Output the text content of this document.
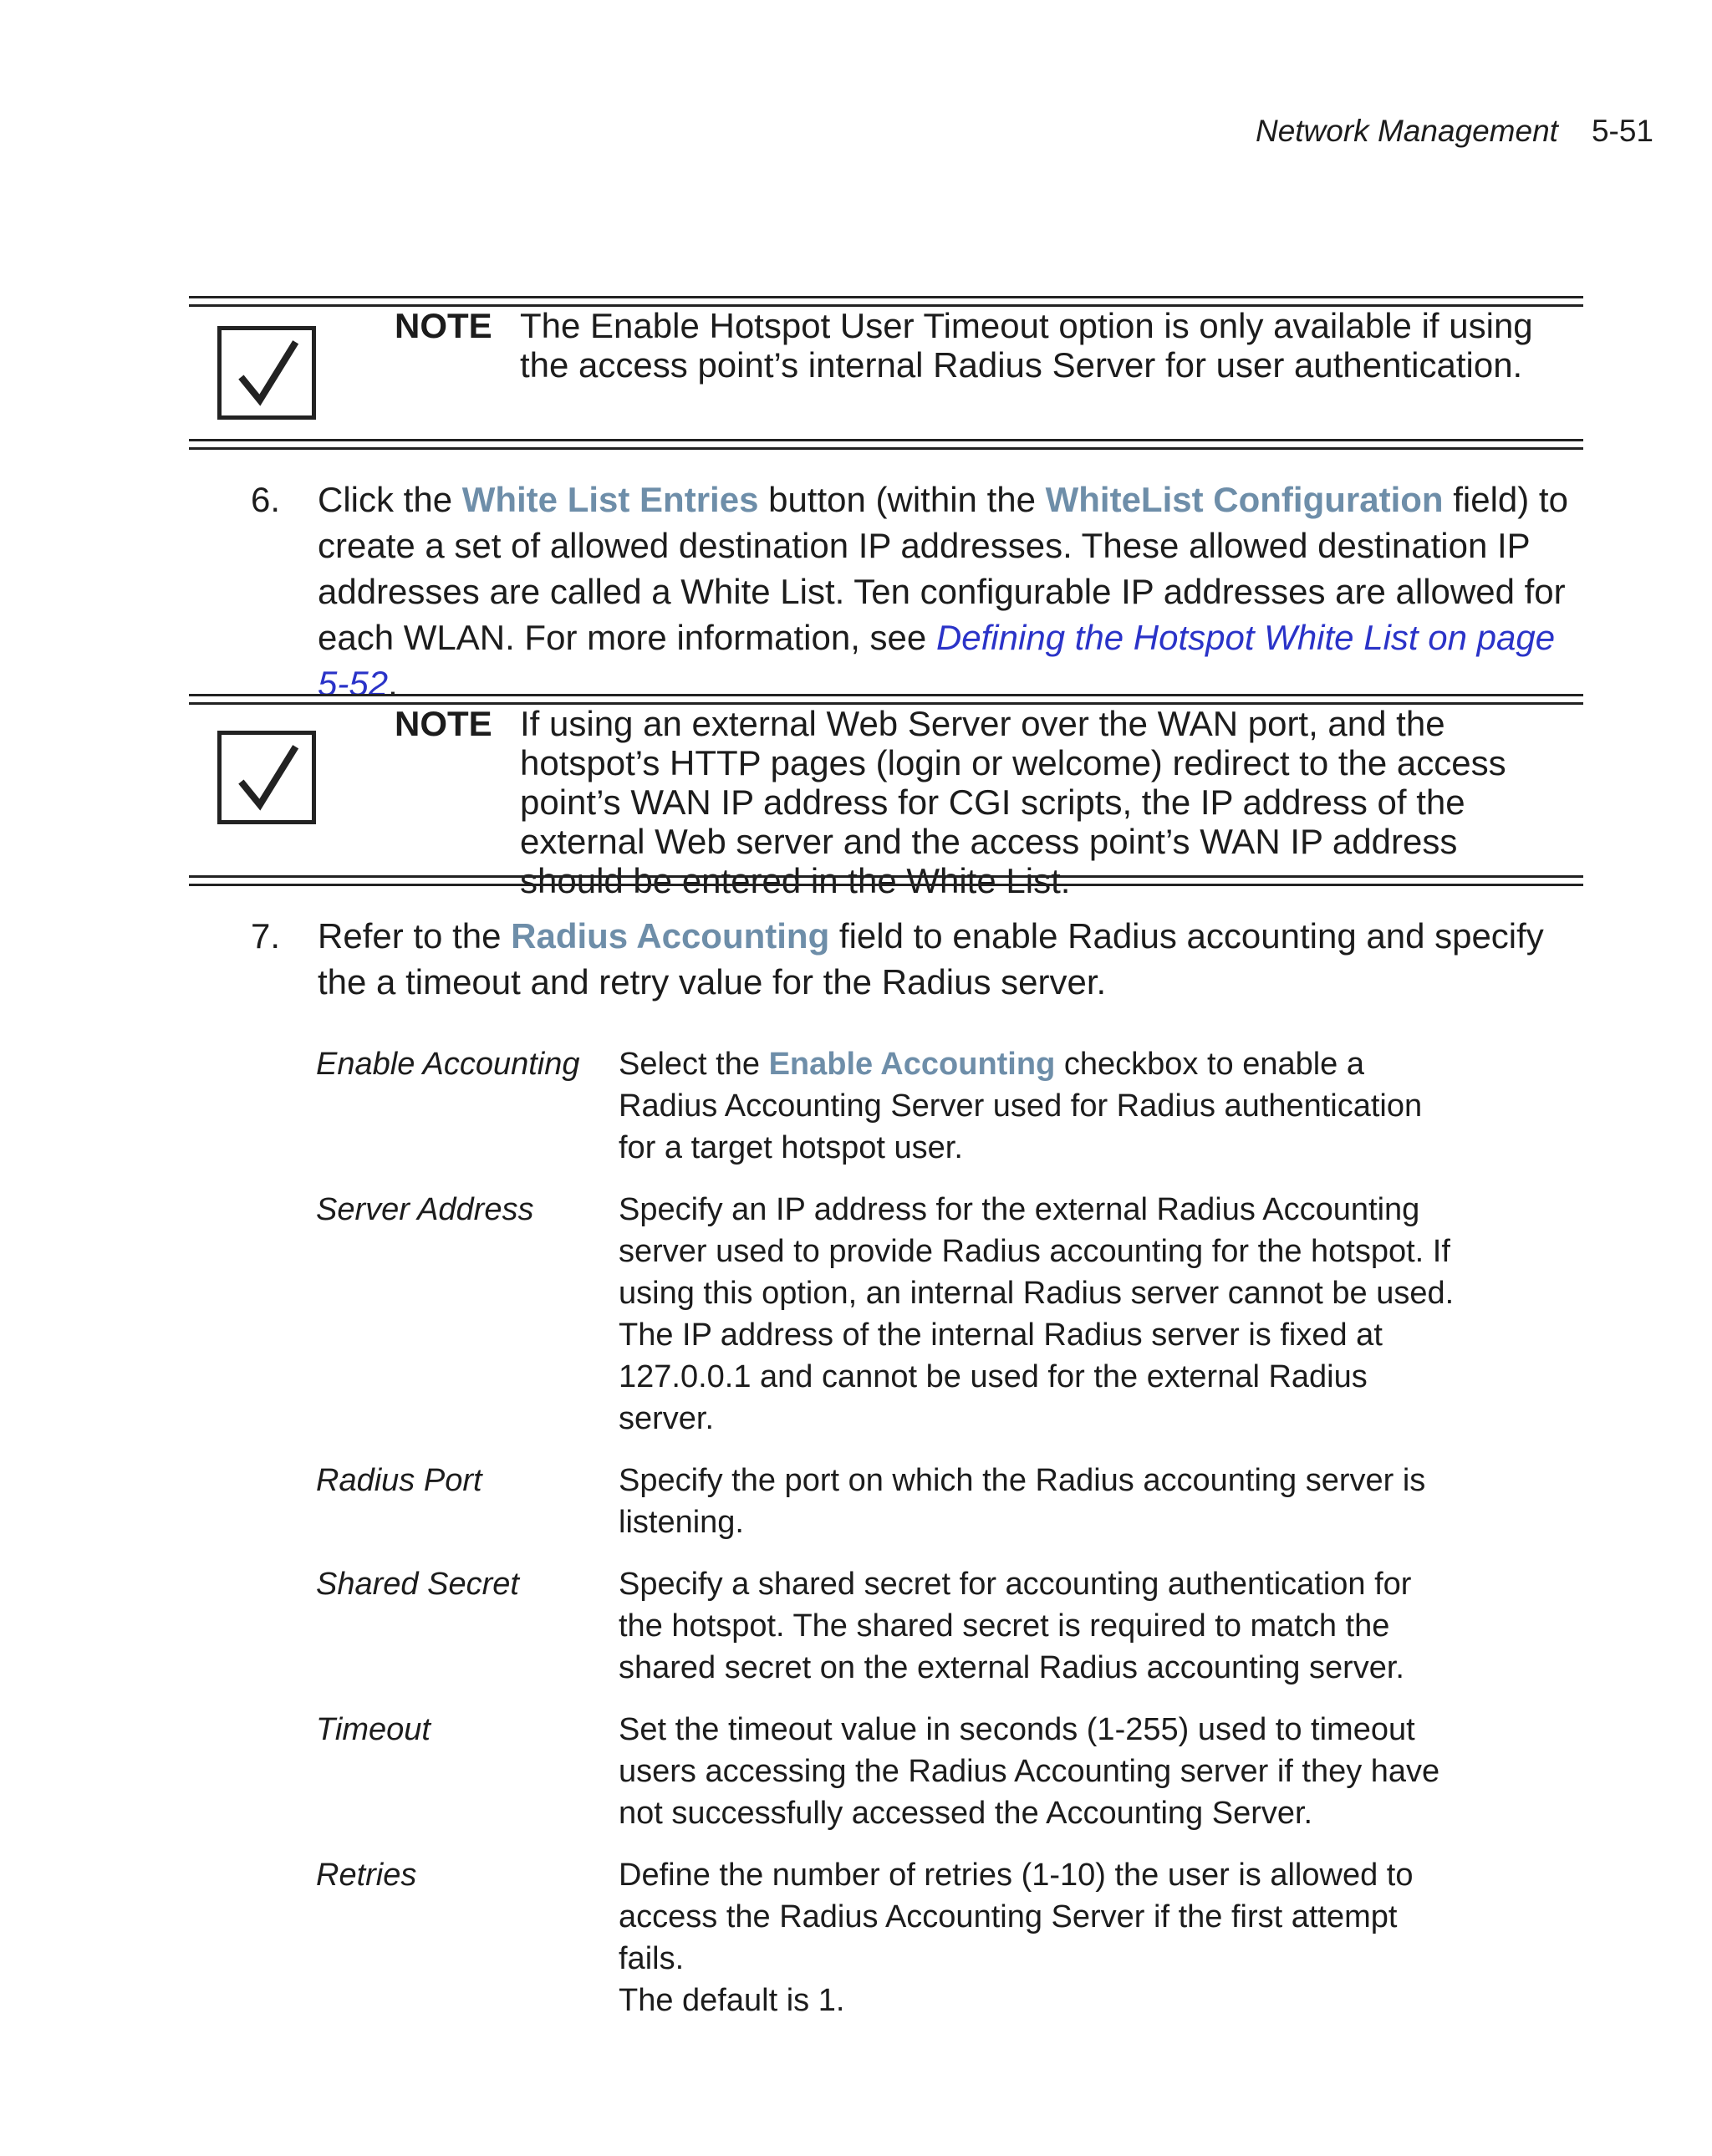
Network Management 5-51
NOTE The Enable Hotspot User Timeout option is only available if using the access point’s internal Radius Server for user authentication.
6. Click the White List Entries button (within the WhiteList Configuration field) to create a set of allowed destination IP addresses. These allowed destination IP addresses are called a White List. Ten configurable IP addresses are allowed for each WLAN. For more information, see Defining the Hotspot White List on page 5-52.
NOTE If using an external Web Server over the WAN port, and the hotspot’s HTTP pages (login or welcome) redirect to the access point’s WAN IP address for CGI scripts, the IP address of the external Web server and the access point’s WAN IP address should be entered in the White List.
7. Refer to the Radius Accounting field to enable Radius accounting and specify the a timeout and retry value for the Radius server.
Enable Accounting	Select the Enable Accounting checkbox to enable a Radius Accounting Server used for Radius authentication for a target hotspot user.
Server Address	Specify an IP address for the external Radius Accounting server used to provide Radius accounting for the hotspot. If using this option, an internal Radius server cannot be used. The IP address of the internal Radius server is fixed at 127.0.0.1 and cannot be used for the external Radius server.
Radius Port	Specify the port on which the Radius accounting server is listening.
Shared Secret	Specify a shared secret for accounting authentication for the hotspot. The shared secret is required to match the shared secret on the external Radius accounting server.
Timeout	Set the timeout value in seconds (1-255) used to timeout users accessing the Radius Accounting server if they have not successfully accessed the Accounting Server.
Retries	Define the number of retries (1-10) the user is allowed to access the Radius Accounting Server if the first attempt fails.
The default is 1.
